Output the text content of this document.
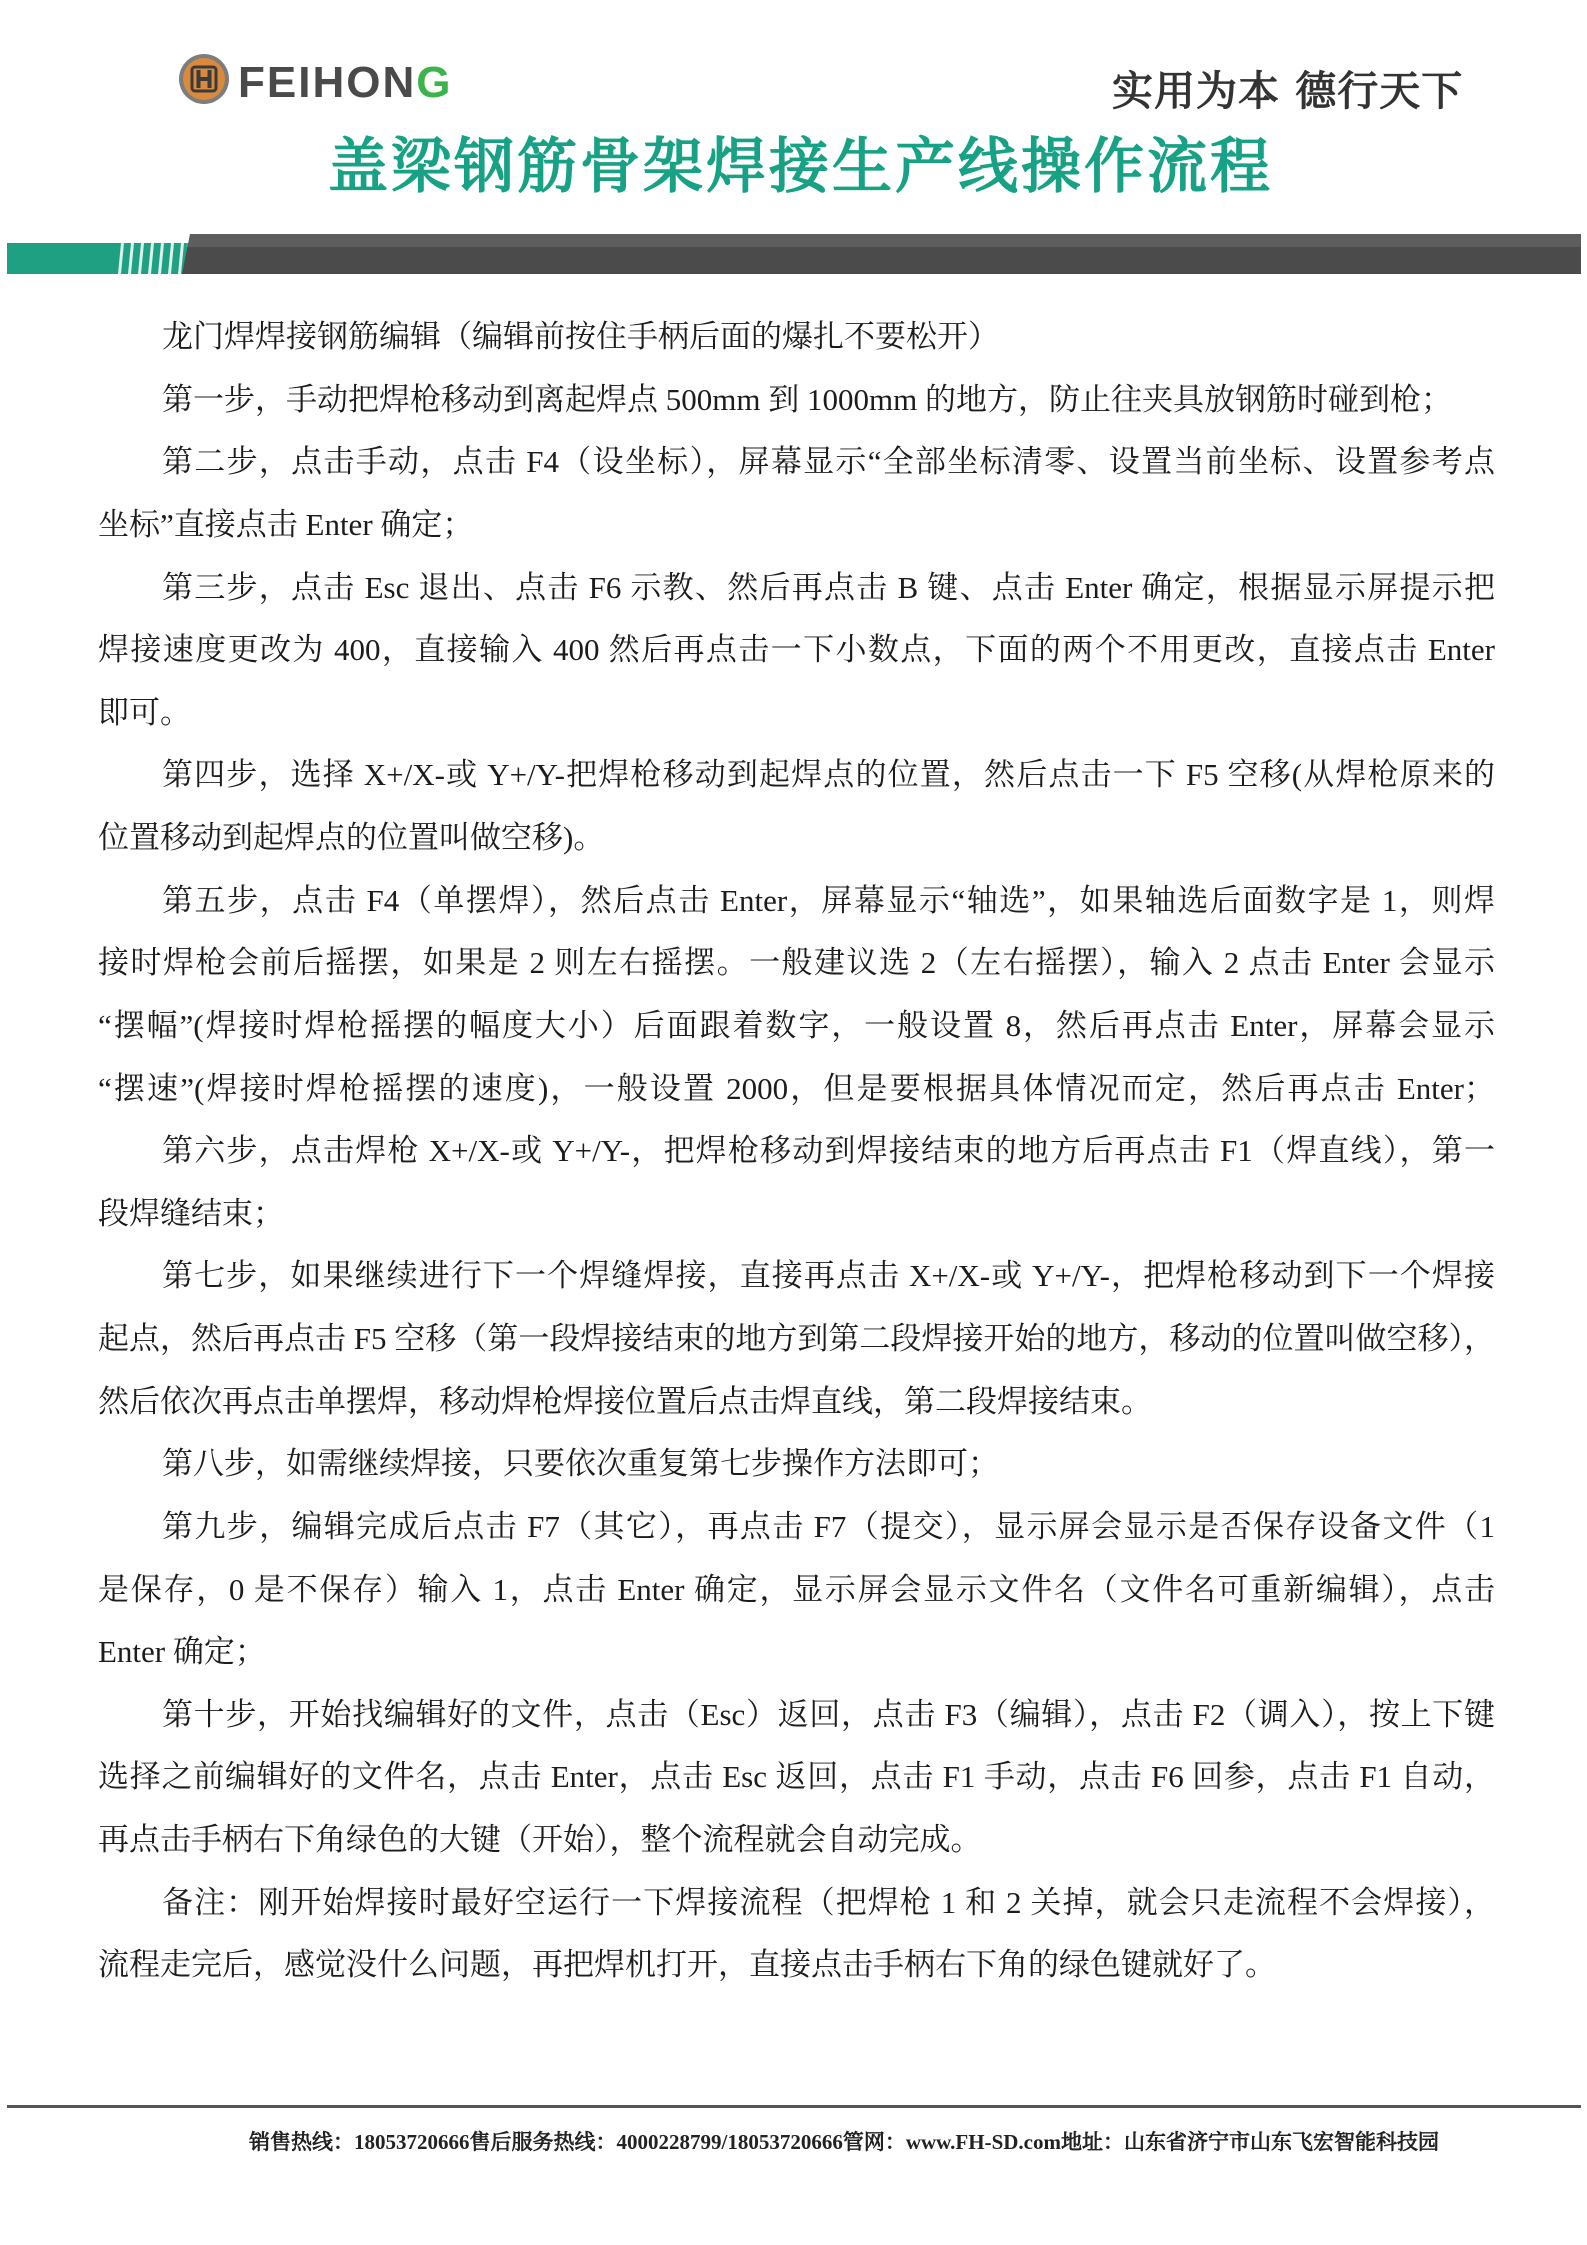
FEIHONG	实用为本 德行天下
盖梁钢筋骨架焊接生产线操作流程
龙门焊焊接钢筋编辑（编辑前按住手柄后面的爆扎不要松开）
第一步，手动把焊枪移动到离起焊点 500mm 到 1000mm 的地方，防止往夹具放钢筋时碰到枪；
第二步，点击手动，点击 F4（设坐标），屏幕显示“全部坐标清零、设置当前坐标、设置参考点
坐标”直接点击 Enter 确定；
第三步，点击 Esc 退出、点击 F6 示教、然后再点击 B 键、点击 Enter 确定，根据显示屏提示把
焊接速度更改为 400，直接输入 400 然后再点击一下小数点，下面的两个不用更改，直接点击 Enter
即可。
第四步，选择 X+/X-或 Y+/Y-把焊枪移动到起焊点的位置，然后点击一下 F5 空移(从焊枪原来的
位置移动到起焊点的位置叫做空移)。
第五步，点击 F4（单摆焊），然后点击 Enter，屏幕显示“轴选”，如果轴选后面数字是 1，则焊
接时焊枪会前后摇摆，如果是 2 则左右摇摆。一般建议选 2（左右摇摆），输入 2 点击 Enter 会显示
“摆幅”(焊接时焊枪摇摆的幅度大小）后面跟着数字，一般设置 8，然后再点击 Enter，屏幕会显示
“摆速”(焊接时焊枪摇摆的速度)，一般设置 2000，但是要根据具体情况而定，然后再点击 Enter；
第六步，点击焊枪 X+/X-或 Y+/Y-，把焊枪移动到焊接结束的地方后再点击 F1（焊直线），第一
段焊缝结束；
第七步，如果继续进行下一个焊缝焊接，直接再点击 X+/X-或 Y+/Y-，把焊枪移动到下一个焊接
起点，然后再点击 F5 空移（第一段焊接结束的地方到第二段焊接开始的地方，移动的位置叫做空移），
然后依次再点击单摆焊，移动焊枪焊接位置后点击焊直线，第二段焊接结束。
第八步，如需继续焊接，只要依次重复第七步操作方法即可；
第九步，编辑完成后点击 F7（其它），再点击 F7（提交），显示屏会显示是否保存设备文件（1
是保存，0 是不保存）输入 1，点击 Enter 确定，显示屏会显示文件名（文件名可重新编辑），点击
Enter 确定；
第十步，开始找编辑好的文件，点击（Esc）返回，点击 F3（编辑），点击 F2（调入），按上下键
选择之前编辑好的文件名，点击 Enter，点击 Esc 返回，点击 F1 手动，点击 F6 回参，点击 F1 自动，
再点击手柄右下角绿色的大键（开始），整个流程就会自动完成。
备注：刚开始焊接时最好空运行一下焊接流程（把焊枪 1 和 2 关掉，就会只走流程不会焊接），
流程走完后，感觉没什么问题，再把焊机打开，直接点击手柄右下角的绿色键就好了。
销售热线：18053720666售后服务热线：4000228799/18053720666管网：www.FH-SD.com地址：山东省济宁市山东飞宏智能科技园
